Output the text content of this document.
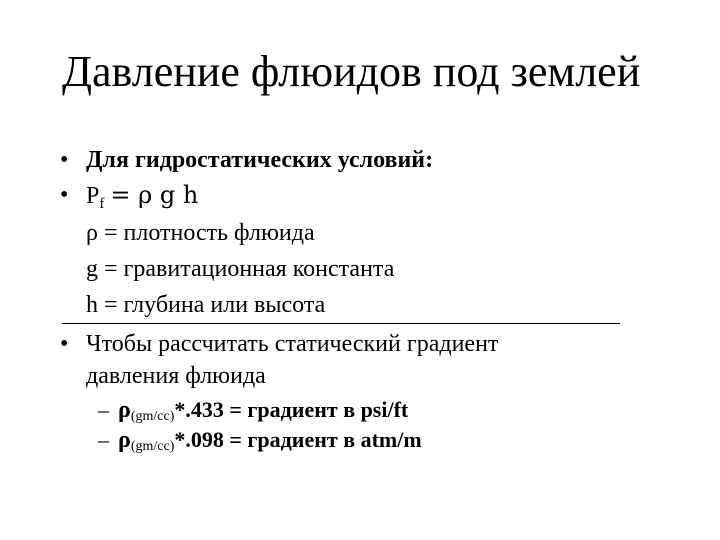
Давление флюидов под землей
• Для гидростатических условий:
• $P_f = \rho$ g h
ρ = плотность флюида
g = гравитационная константа
h = глубина или высота
• Чтобы рассчитать статический градиент
давления флюида
– ρ(gm/cc)*.433 = градиент в psi/ft
– ρ(gm/cc)*.098 = градиент в atm/m
